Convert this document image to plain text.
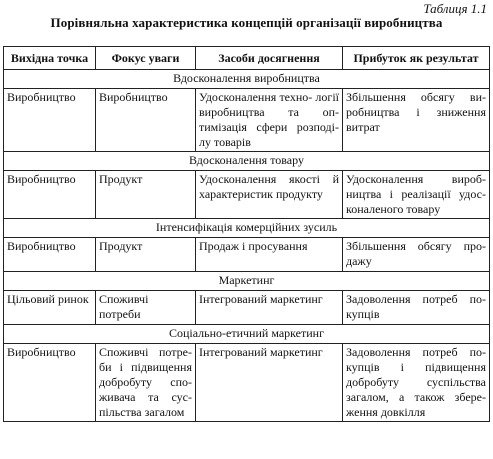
Таблиця 1.1
Порівняльна характеристика концепцій організації виробництва
Вихідна точка	Фокус уваги	Засоби досягнення	Прибуток як результат
Вдосконалення виробництва			
Виробництво	Виробництво	Удосконалення техно- логії виробництва та оп- тимізація сфери розподі- лу товарів	Збільшення обсягу ви- робництва і зниження витрат
Вдосконалення товару			
Виробництво	Продукт	Удосконалення якості й характеристик продукту	Удосконалення вироб- ництва і реалізації удос- коналеного товару
Інтенсифікація комерційних зусиль			
Виробництво	Продукт	Продаж і просування	Збільшення обсягу про- дажу
Маркетинг			
Цільовий ринок	Споживчі потреби	Інтегрований маркетинг	Задоволення потреб по- купців
Соціально-етичний маркетинг			
Виробництво	Споживчі потре- би і підвищення добробуту спо- живача та сус- пільства загалом	Інтегрований маркетинг	Задоволення потреб по- купців і підвищення добробуту суспільства загалом, а також збере- ження довкілля
